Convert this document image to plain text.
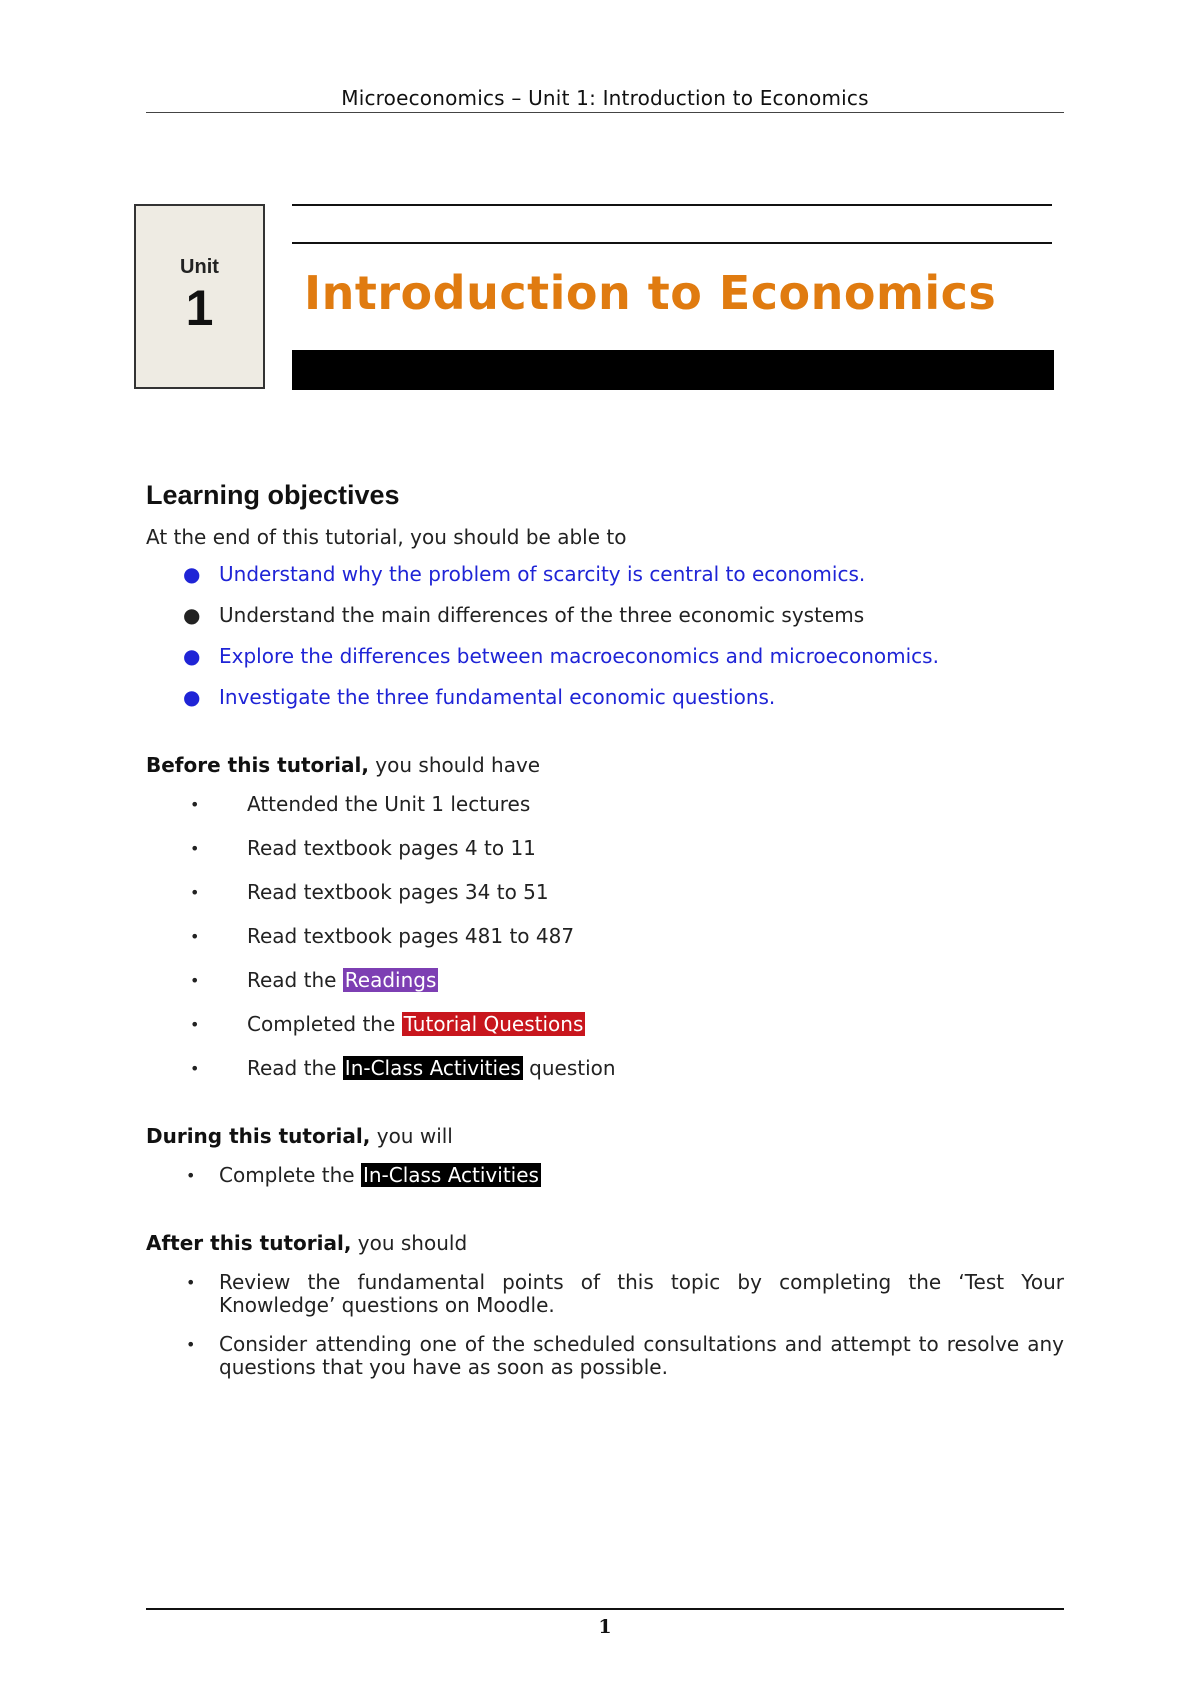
Microeconomics – Unit 1: Introduction to Economics
Unit
1	Introduction to Economics
Learning objectives

At the end of this tutorial, you should be able to

● Understand why the problem of scarcity is central to economics.
● Understand the main differences of the three economic systems
● Explore the differences between macroeconomics and microeconomics.
● Investigate the three fundamental economic questions.

Before this tutorial, you should have

• Attended the Unit 1 lectures
• Read textbook pages 4 to 11
• Read textbook pages 34 to 51
• Read textbook pages 481 to 487
• Read the Readings
• Completed the Tutorial Questions
• Read the In-Class Activities question

During this tutorial, you will

• Complete the In-Class Activities

After this tutorial, you should

• Review the fundamental points of this topic by completing the ‘Test Your Knowledge’ questions on Moodle.
• Consider attending one of the scheduled consultations and attempt to resolve any questions that you have as soon as possible.
1
